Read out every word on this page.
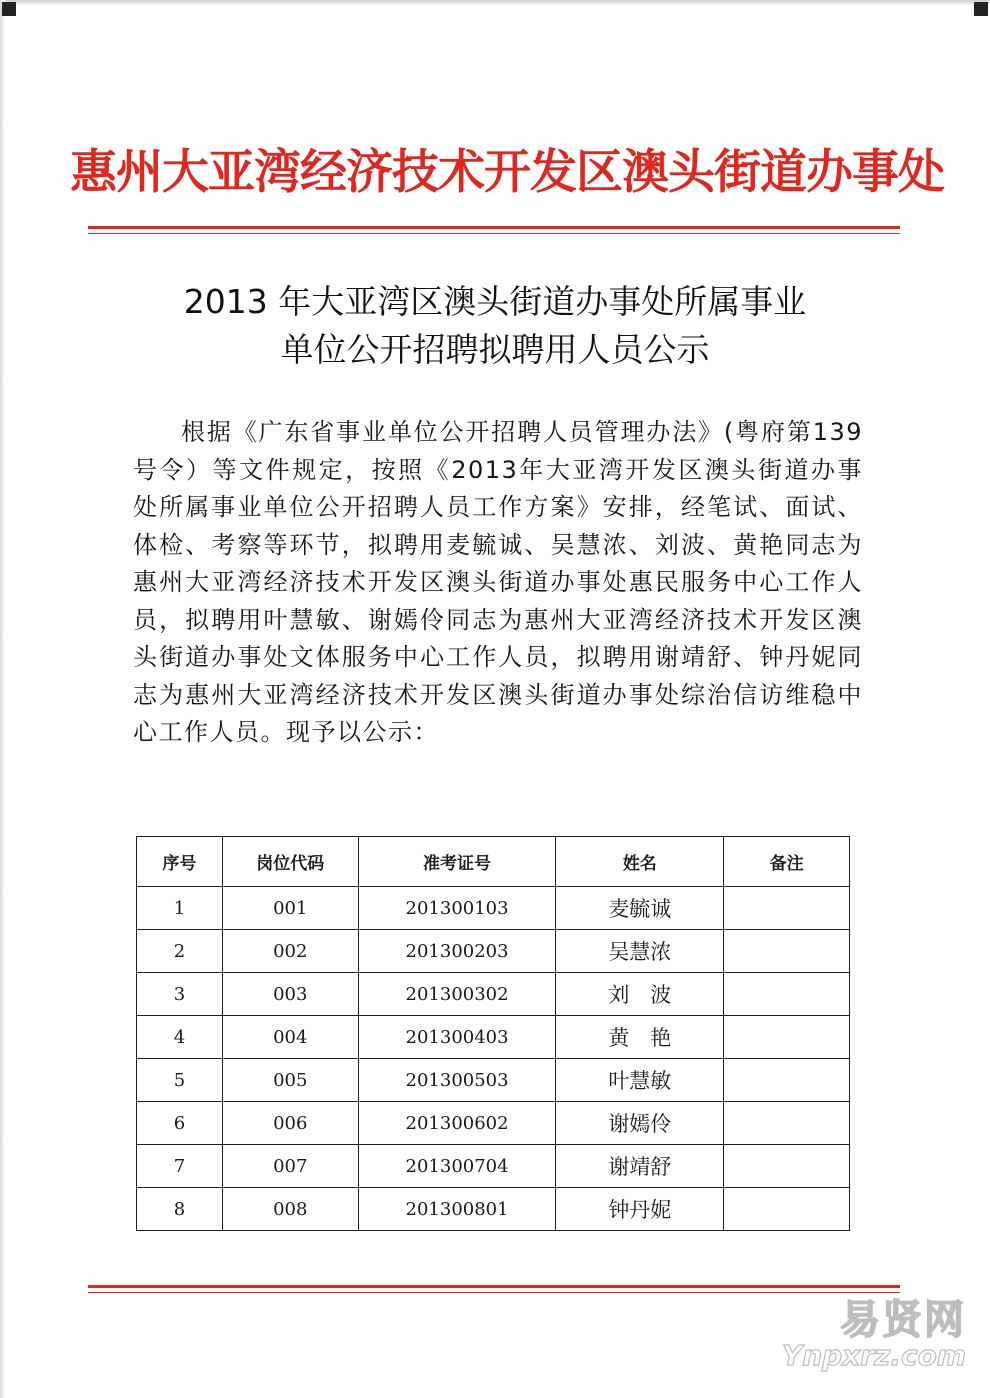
惠州大亚湾经济技术开发区澳头街道办事处
2013 年大亚湾区澳头街道办事处所属事业
单位公开招聘拟聘用人员公示

根据《广东省事业单位公开招聘人员管理办法》(粤府第139号令）等文件规定，按照《2013年大亚湾开发区澳头街道办事处所属事业单位公开招聘人员工作方案》安排，经笔试、面试、体检、考察等环节，拟聘用麦毓诚、吴慧浓、刘波、黄艳同志为惠州大亚湾经济技术开发区澳头街道办事处惠民服务中心工作人员，拟聘用叶慧敏、谢嫣伶同志为惠州大亚湾经济技术开发区澳头街道办事处文体服务中心工作人员，拟聘用谢靖舒、钟丹妮同志为惠州大亚湾经济技术开发区澳头街道办事处综治信访维稳中心工作人员。现予以公示：

序号	岗位代码	准考证号	姓名	备注
1	001	201300103	麦毓诚	
2	002	201300203	吴慧浓	
3	003	201300302	刘　波	
4	004	201300403	黄　艳	
5	005	201300503	叶慧敏	
6	006	201300602	谢嫣伶	
7	007	201300704	谢靖舒	
8	008	201300801	钟丹妮	
易贤网
Ynpxrz.com
